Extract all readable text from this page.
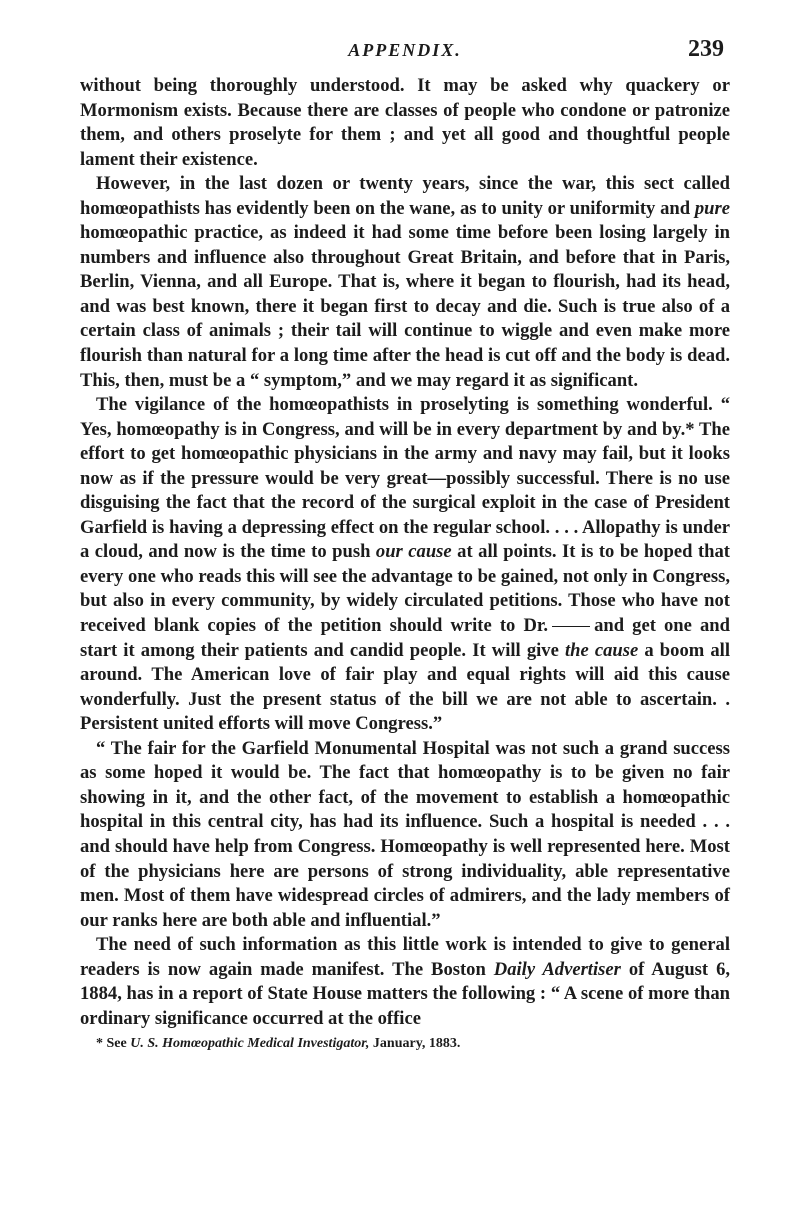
APPENDIX.	239

without being thoroughly understood. It may be asked why quackery or Mormonism exists. Because there are classes of people who condone or patronize them, and others proselyte for them ; and yet all good and thoughtful people lament their existence.

However, in the last dozen or twenty years, since the war, this sect called homœopathists has evidently been on the wane, as to unity or uniformity and pure homœopathic practice, as indeed it had some time before been losing largely in numbers and influence also throughout Great Britain, and before that in Paris, Berlin, Vienna, and all Europe. That is, where it began to flourish, had its head, and was best known, there it began first to decay and die. Such is true also of a certain class of animals ; their tail will continue to wiggle and even make more flourish than natural for a long time after the head is cut off and the body is dead. This, then, must be a “ symptom,” and we may regard it as significant.

The vigilance of the homœopathists in proselyting is something wonderful. “ Yes, homœopathy is in Congress, and will be in every department by and by.* The effort to get homœopathic physicians in the army and navy may fail, but it looks now as if the pressure would be very great—possibly successful. There is no use disguising the fact that the record of the surgical exploit in the case of President Garfield is having a depressing effect on the regular school. . . . Allopathy is under a cloud, and now is the time to push our cause at all points. It is to be hoped that every one who reads this will see the advantage to be gained, not only in Congress, but also in every community, by widely circulated petitions. Those who have not received blank copies of the petition should write to Dr. and get one and start it among their patients and candid people. It will give the cause a boom all around. The American love of fair play and equal rights will aid this cause wonderfully. Just the present status of the bill we are not able to ascertain. . Persistent united efforts will move Congress.”

“ The fair for the Garfield Monumental Hospital was not such a grand success as some hoped it would be. The fact that homœopathy is to be given no fair showing in it, and the other fact, of the movement to establish a homœopathic hospital in this central city, has had its influence. Such a hospital is needed . . . and should have help from Congress. Homœopathy is well represented here. Most of the physicians here are persons of strong individuality, able representative men. Most of them have widespread circles of admirers, and the lady members of our ranks here are both able and influential.”

The need of such information as this little work is intended to give to general readers is now again made manifest. The Boston Daily Advertiser of August 6, 1884, has in a report of State House matters the following : “ A scene of more than ordinary significance occurred at the office

* See U. S. Homœopathic Medical Investigator, January, 1883.
